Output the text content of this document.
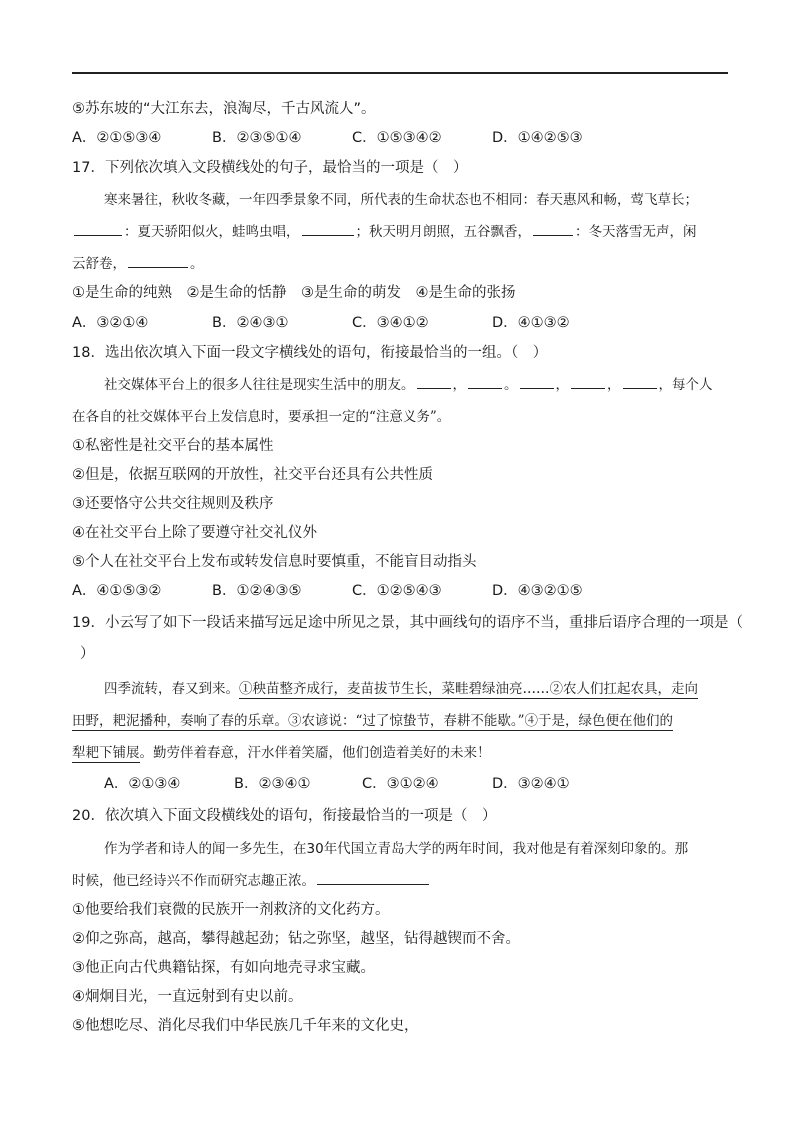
⑤苏东坡的“大江东去，浪淘尽，千古风流人”。
A．②①⑤③④	B．②③⑤①④	C．①⑤③④②	D．①④②⑤③
17．下列依次填入文段横线处的句子，最恰当的一项是（　）
寒来暑往，秋收冬藏，一年四季景象不同，所代表的生命状态也不相同：春天惠风和畅，莺飞草长；
：夏天骄阳似火，蛙鸣虫唱，	；秋天明月朗照，五谷飘香，	：冬天落雪无声，闲
云舒卷，	。
①是生命的纯熟　②是生命的恬静　③是生命的萌发　④是生命的张扬
A．③②①④	B．②④③①	C．③④①②	D．④①③②
18．选出依次填入下面一段文字横线处的语句，衔接最恰当的一组。（　）
社交媒体平台上的很多人往往是现实生活中的朋友。	，	。	，	，	，每个人
在各自的社交媒体平台上发信息时，要承担一定的“注意义务”。
①私密性是社交平台的基本属性
②但是，依据互联网的开放性，社交平台还具有公共性质
③还要恪守公共交往规则及秩序
④在社交平台上除了要遵守社交礼仪外
⑤个人在社交平台上发布或转发信息时要慎重，不能盲目动指头
A．④①⑤③②	B．①②④③⑤	C．①②⑤④③	D．④③②①⑤
19．小云写了如下一段话来描写远足途中所见之景，其中画线句的语序不当，重排后语序合理的一项是（
）
四季流转，春又到来。①秧苗整齐成行，麦苗拔节生长，菜畦碧绿油亮……②农人们扛起农具，走向
田野，耙泥播种，奏响了春的乐章。③农谚说：“过了惊蛰节，春耕不能歇。”④于是，绿色便在他们的
犁耙下铺展。勤劳伴着春意，汗水伴着笑靥，他们创造着美好的未来！
A．②①③④	B．②③④①	C．③①②④	D．③②④①
20．依次填入下面文段横线处的语句，衔接最恰当的一项是（　）
作为学者和诗人的闻一多先生，在30年代国立青岛大学的两年时间，我对他是有着深刻印象的。那
时候，他已经诗兴不作而研究志趣正浓。
①他要给我们衰微的民族开一剂救济的文化药方。
②仰之弥高，越高，攀得越起劲；钻之弥坚，越坚，钻得越锲而不舍。
③他正向古代典籍钻探，有如向地壳寻求宝藏。
④炯炯目光，一直远射到有史以前。
⑤他想吃尽、消化尽我们中华民族几千年来的文化史，
